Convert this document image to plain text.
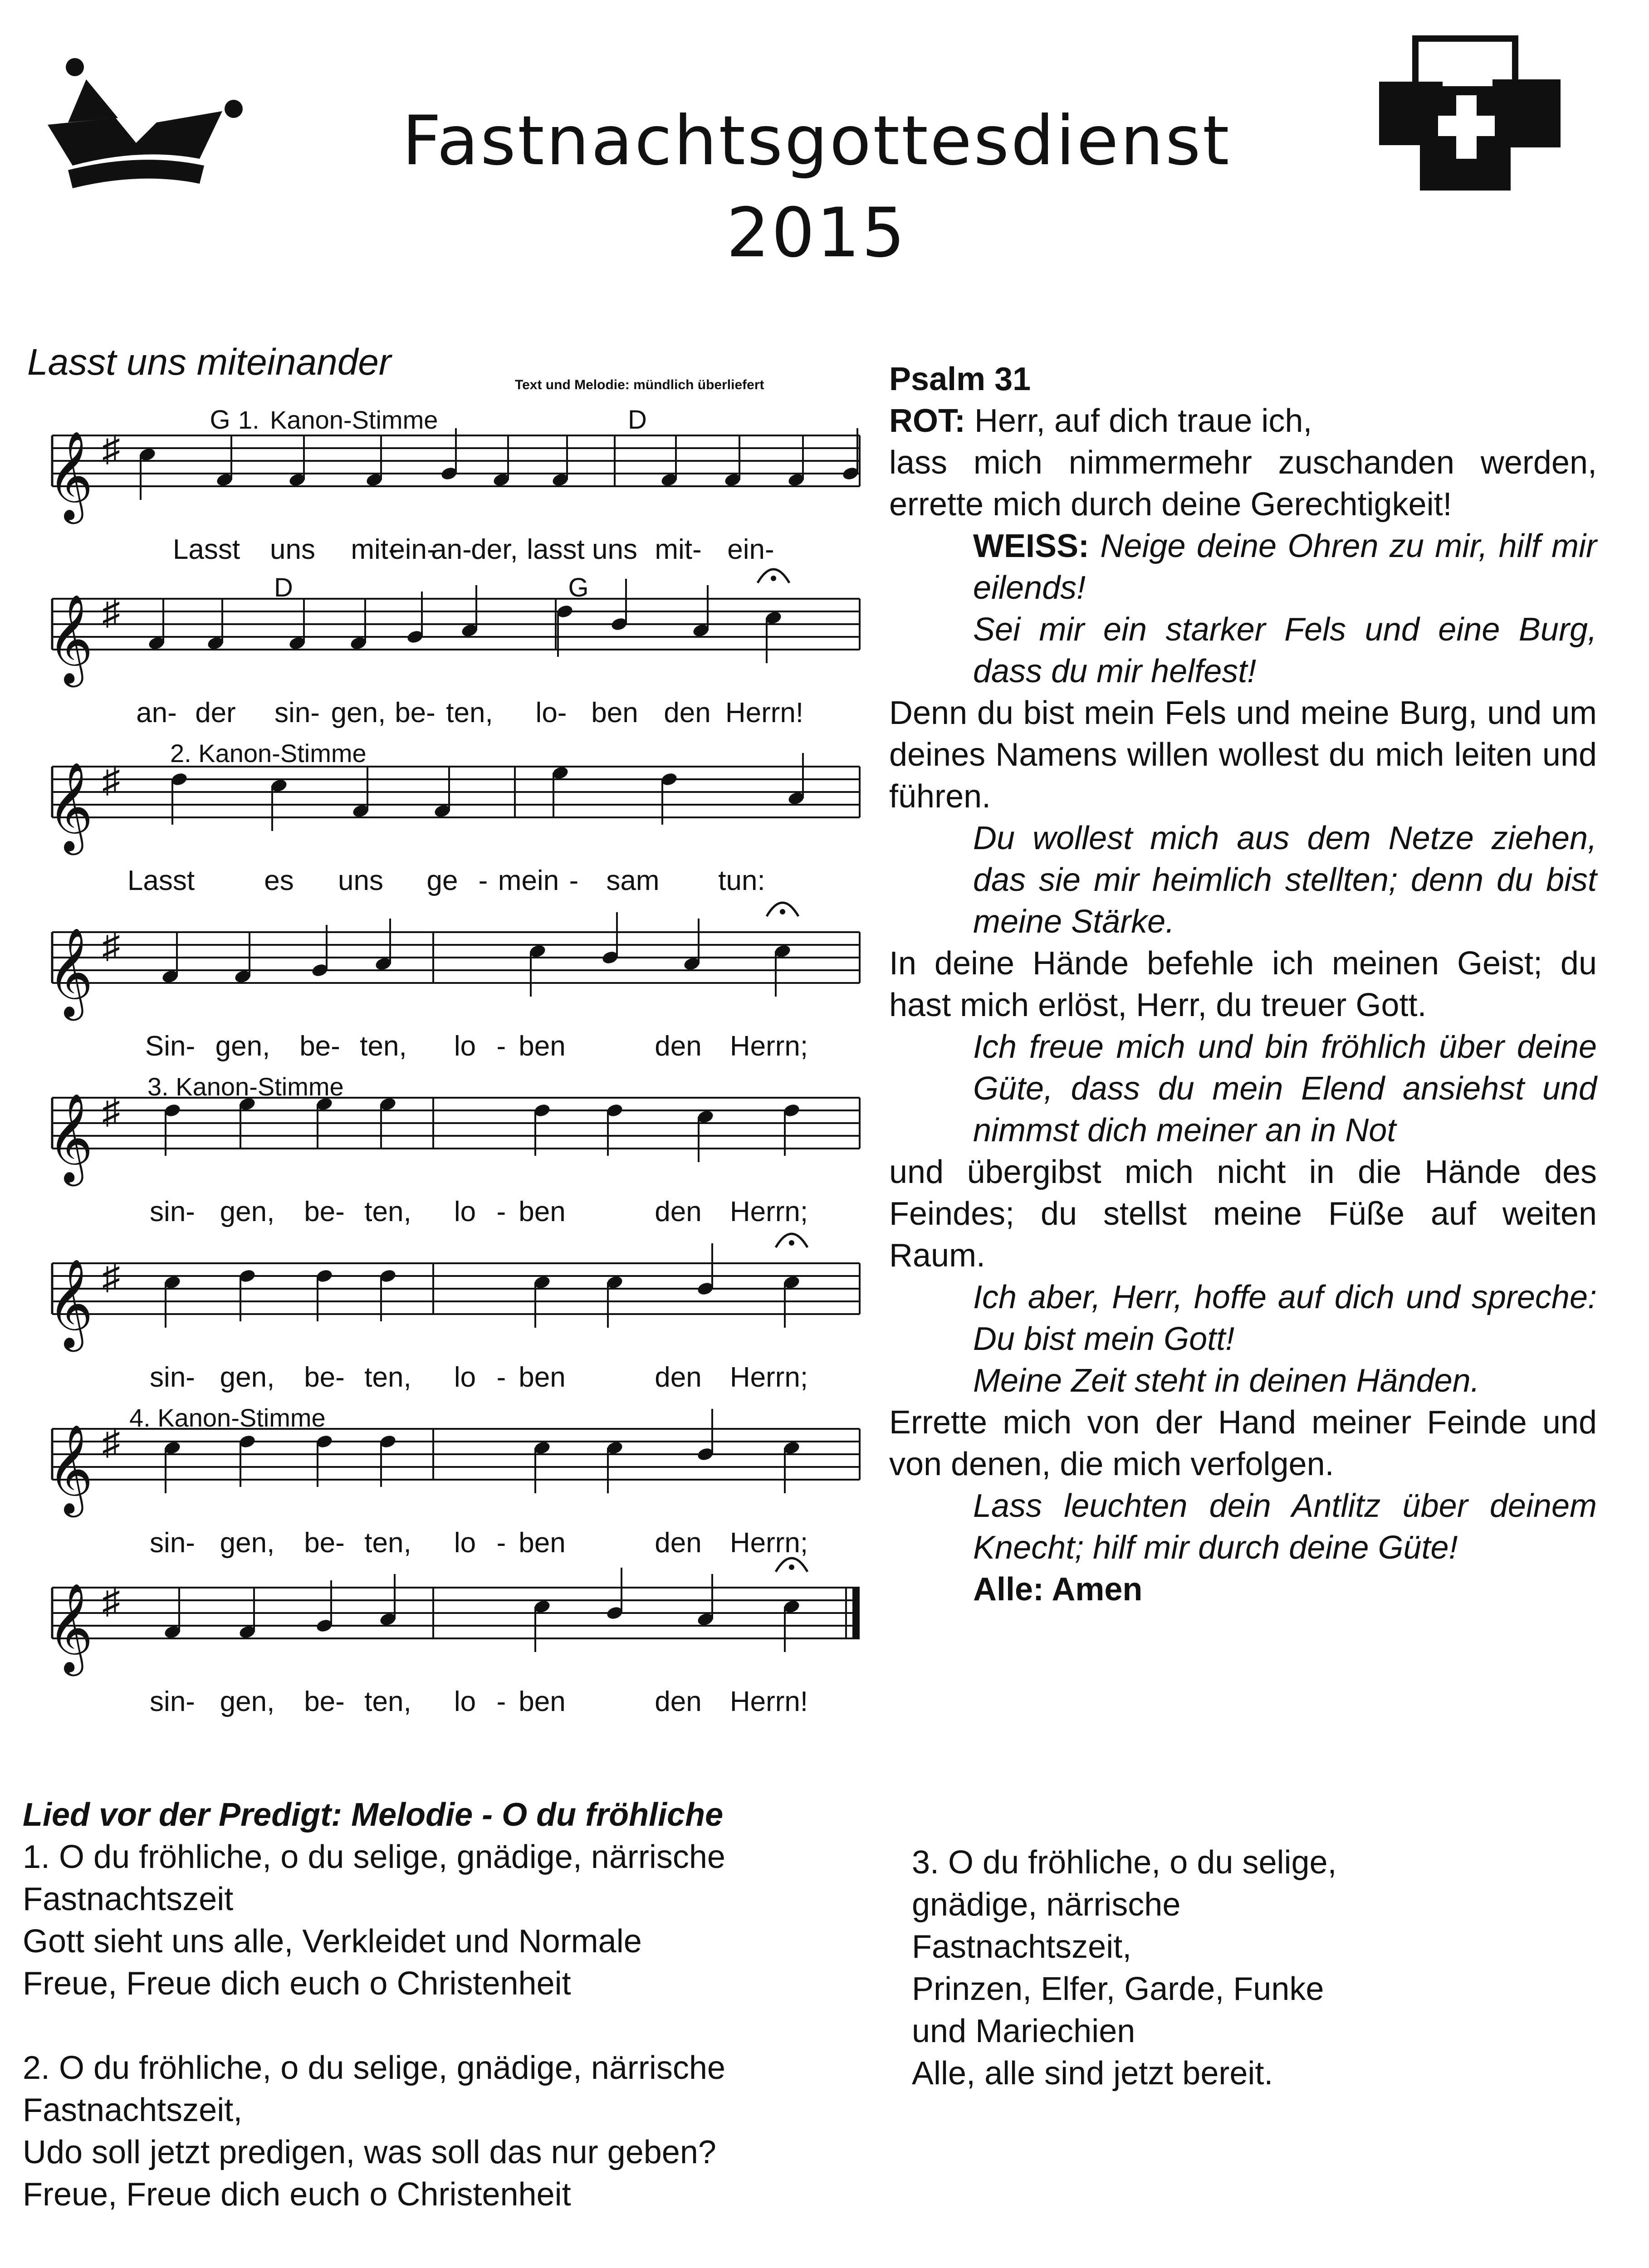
Fastnachtsgottesdienst
2015
Lasst uns miteinander
Text und Melodie: mündlich überliefert
𝄞 ♯
Lasst uns mit-
ein-
an-
der, lasst uns mit- ein-
𝄞 ♯
an- der sin- gen, be- ten, lo- ben den Herrn!
𝄞 ♯
Lasst es uns ge - mein - sam tun:
𝄞 ♯
Sin- gen, be- ten, lo - ben	den Herrn;
𝄞 ♯
sin- gen, be- ten, lo - ben	den Herrn;
𝄞 ♯
sin- gen, be- ten, lo - ben	den Herrn;
𝄞 ♯
sin- gen, be- ten, lo - ben	den Herrn;
𝄞 ♯
sin- gen, be- ten, lo - ben	den Herrn!
G 1. Kanon-Stimme	D
D	G
2. Kanon-Stimme
3. Kanon-Stimme
4. Kanon-Stimme

Psalm 31

ROT: Herr, auf dich traue ich,

lass mich nimmermehr zuschanden werden, errette mich durch deine Gerechtigkeit!

WEISS: Neige deine Ohren zu mir, hilf mir eilends!

Sei mir ein starker Fels und eine Burg, dass du mir helfest!

Denn du bist mein Fels und meine Burg, und um deines Namens willen wollest du mich leiten und führen.

Du wollest mich aus dem Netze ziehen, das sie mir heimlich stellten; denn du bist meine Stärke.

In deine Hände befehle ich meinen Geist; du hast mich erlöst, Herr, du treuer Gott.

Ich freue mich und bin fröhlich über deine Güte, dass du mein Elend ansiehst und nimmst dich meiner an in Not

und übergibst mich nicht in die Hände des Feindes; du stellst meine Füße auf weiten Raum.

Ich aber, Herr, hoffe auf dich und spreche: Du bist mein Gott!

Meine Zeit steht in deinen Händen.

Errette mich von der Hand meiner Feinde und von denen, die mich verfolgen.

Lass leuchten dein Antlitz über deinem Knecht; hilf mir durch deine Güte!

Alle: Amen

Lied vor der Predigt: Melodie - O du fröhliche

1. O du fröhliche, o du selige, gnädige, närrische

Fastnachtszeit

Gott sieht uns alle, Verkleidet und Normale

Freue, Freue dich euch o Christenheit

2. O du fröhliche, o du selige, gnädige, närrische

Fastnachtszeit,

Udo soll jetzt predigen, was soll das nur geben?

Freue, Freue dich euch o Christenheit

3. O du fröhliche, o du selige,

gnädige, närrische

Fastnachtszeit,

Prinzen, Elfer, Garde, Funke

und Mariechien

Alle, alle sind jetzt bereit.
